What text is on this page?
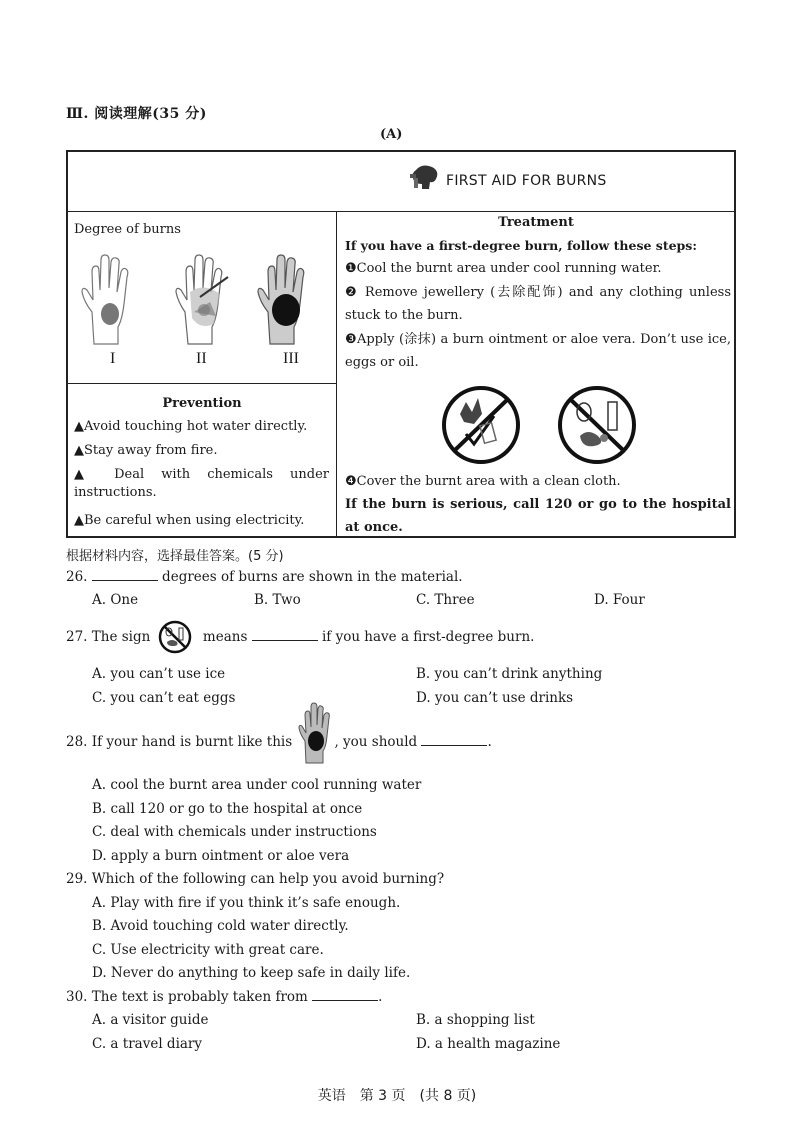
Ⅲ. 阅读理解(35 分)
(A)
FIRST AID FOR BURNS
Degree of burns
I	II	III
Prevention
▲Avoid touching hot water directly.
▲Stay away from fire.
▲ Deal with chemicals under instructions.
▲Be careful when using electricity.
Treatment
If you have a first-degree burn, follow these steps:
❶Cool the burnt area under cool running water.
❷ Remove jewellery (去除配饰) and any clothing unless stuck to the burn.
❸Apply (涂抹) a burn ointment or aloe vera. Don’t use ice, eggs or oil.
❹Cover the burnt area with a clean cloth.
If the burn is serious, call 120 or go to the hospital at once.
根据材料内容，选择最佳答案。(5 分)
26.	degrees of burns are shown in the material.
A. One	B. Two	C. Three	D. Four
27. The sign	means	if you have a first-degree burn.
A. you can’t use ice	B. you can’t drink anything
C. you can’t eat eggs	D. you can’t use drinks
28. If your hand is burnt like this	, you should	.
A. cool the burnt area under cool running water
B. call 120 or go to the hospital at once
C. deal with chemicals under instructions
D. apply a burn ointment or aloe vera
29. Which of the following can help you avoid burning?
A. Play with fire if you think it’s safe enough.
B. Avoid touching cold water directly.
C. Use electricity with great care.
D. Never do anything to keep safe in daily life.
30. The text is probably taken from	.
A. a visitor guide	B. a shopping list
C. a travel diary	D. a health magazine
英语　第 3 页　(共 8 页)
